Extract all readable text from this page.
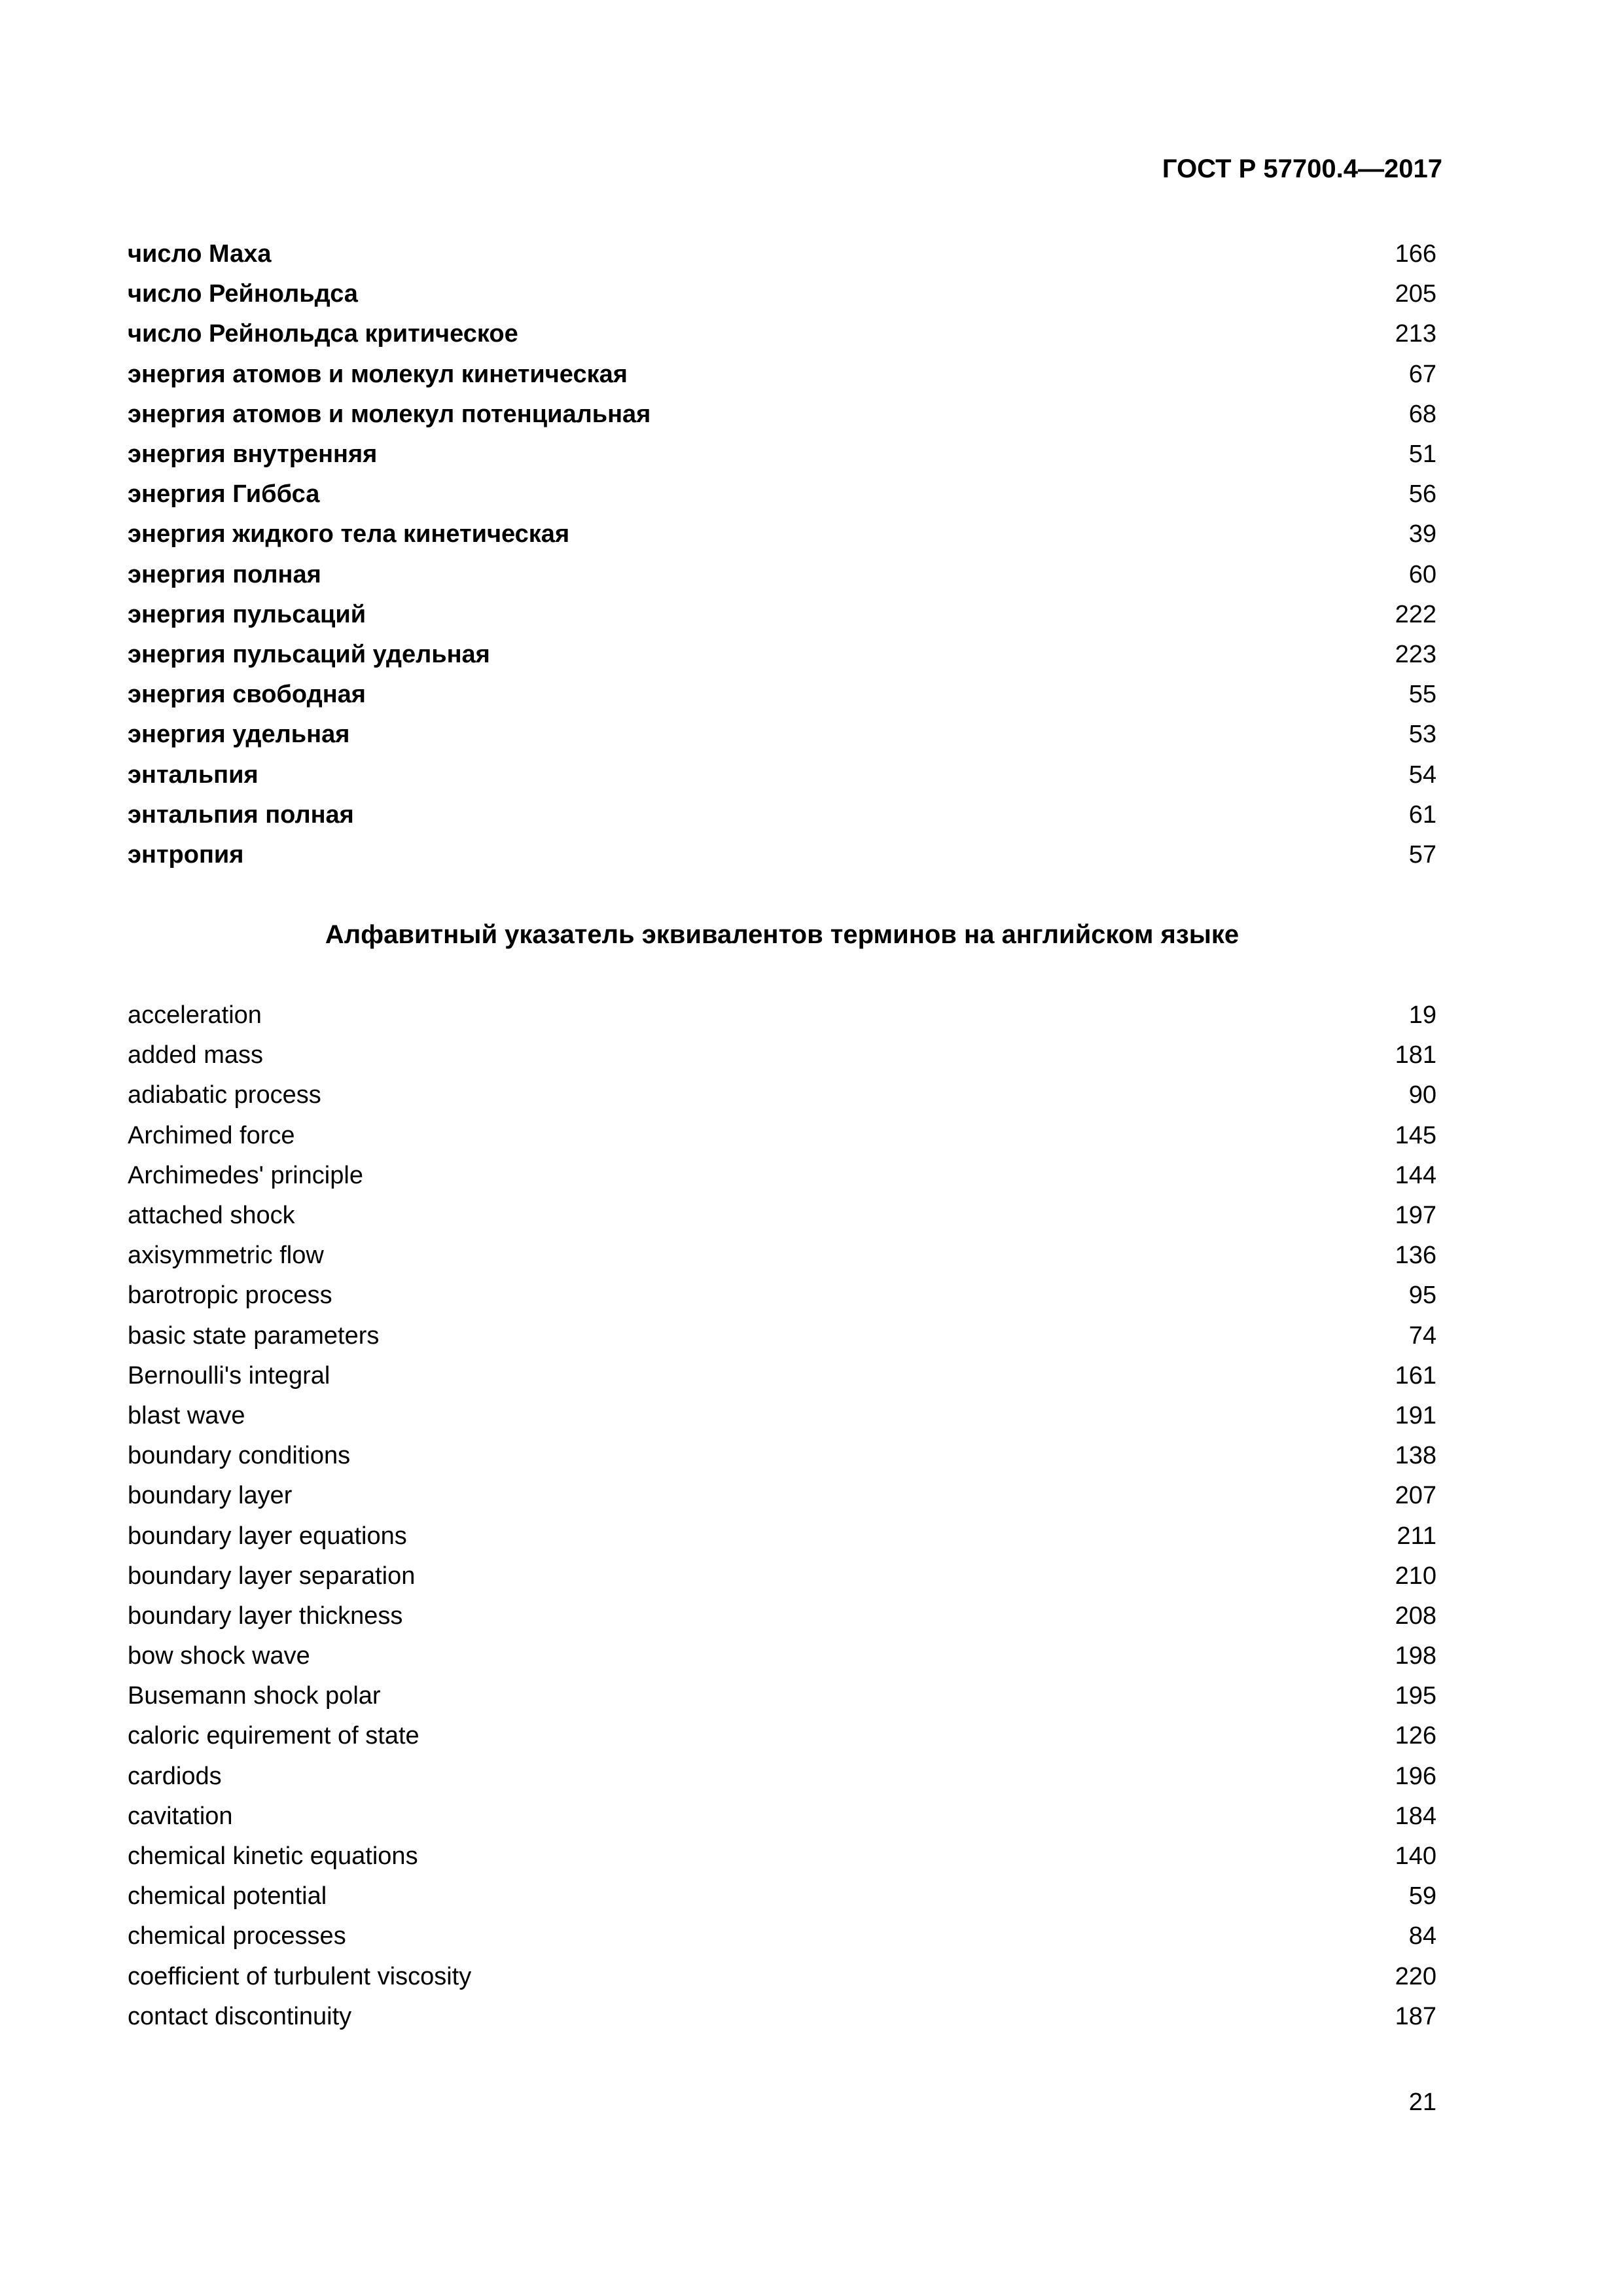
ГОСТ Р 57700.4—2017
число Маха	166
число Рейнольдса	205
число Рейнольдса критическое	213
энергия атомов и молекул кинетическая	67
энергия атомов и молекул потенциальная	68
энергия внутренняя	51
энергия Гиббса	56
энергия жидкого тела кинетическая	39
энергия полная	60
энергия пульсаций	222
энергия пульсаций удельная	223
энергия свободная	55
энергия удельная	53
энтальпия	54
энтальпия полная	61
энтропия	57
Алфавитный указатель эквивалентов терминов на английском языке
acceleration	19
added mass	181
adiabatic process	90
Archimed force	145
Archimedes' principle	144
attached shock	197
axisymmetric flow	136
barotropic process	95
basic state parameters	74
Bernoulli's integral	161
blast wave	191
boundary conditions	138
boundary layer	207
boundary layer equations	211
boundary layer separation	210
boundary layer thickness	208
bow shock wave	198
Busemann shock polar	195
caloric equirement of state	126
cardiods	196
cavitation	184
chemical kinetic equations	140
chemical potential	59
chemical processes	84
coefficient of turbulent viscosity	220
contact discontinuity	187
21
